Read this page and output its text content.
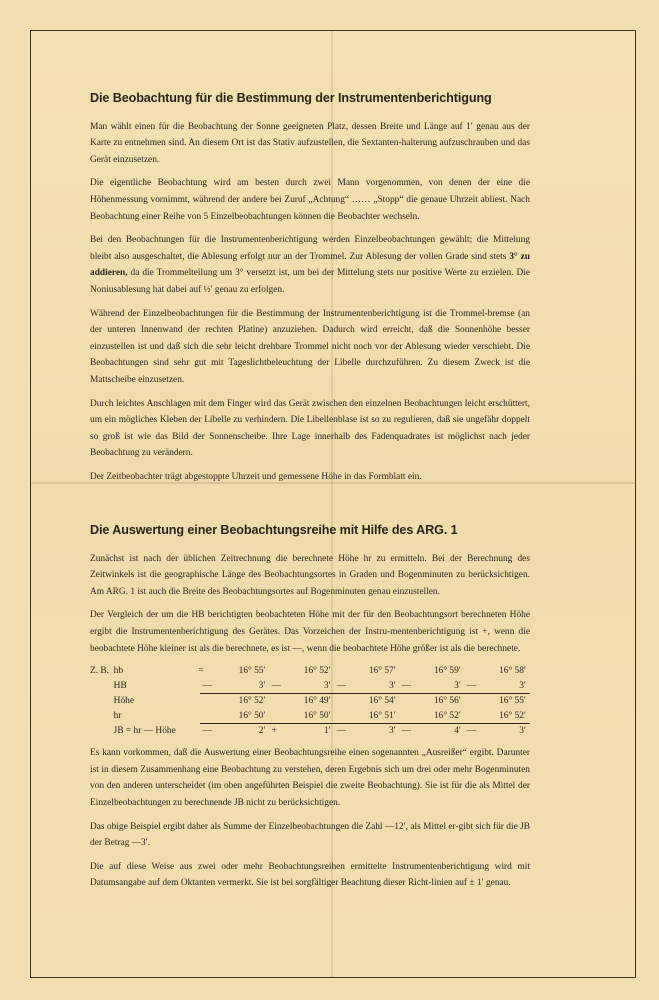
Die Beobachtung für die Bestimmung der Instrumentenberichtigung

Man wählt einen für die Beobachtung der Sonne geeigneten Platz, dessen Breite und Länge auf 1′ genau aus der Karte zu entnehmen sind. An diesem Ort ist das Stativ aufzustellen, die Sextanten-halterung aufzuschrauben und das Gerät einzusetzen.

Die eigentliche Beobachtung wird am besten durch zwei Mann vorgenommen, von denen der eine die Höhenmessung vornimmt, während der andere bei Zuruf „Achtung“ …… „Stopp“ die genaue Uhrzeit abliest. Nach Beobachtung einer Reihe von 5 Einzelbeobachtungen können die Beobachter wechseln.

Bei den Beobachtungen für die Instrumentenberichtigung werden Einzelbeobachtungen gewählt; die Mittelung bleibt also ausgeschaltet, die Ablesung erfolgt nur an der Trommel. Zur Ablesung der vollen Grade sind stets 3° zu addieren, da die Trommelteilung um 3° versetzt ist, um bei der Mittelung stets nur positive Werte zu erzielen. Die Noniusablesung hat dabei auf ½′ genau zu erfolgen.

Während der Einzelbeobachtungen für die Bestimmung der Instrumentenberichtigung ist die Trommel-bremse (an der unteren Innenwand der rechten Platine) anzuziehen. Dadurch wird erreicht, daß die Sonnenhöhe besser einzustellen ist und daß sich die sehr leicht drehbare Trommel nicht noch vor der Ablesung wieder verschiebt. Die Beobachtungen sind sehr gut mit Tageslichtbeleuchtung der Libelle durchzuführen. Zu diesem Zweck ist die Mattscheibe einzusetzen.

Durch leichtes Anschlagen mit dem Finger wird das Gerät zwischen den einzelnen Beobachtungen leicht erschüttert, um ein mögliches Kleben der Libelle zu verhindern. Die Libellenblase ist so zu regulieren, daß sie ungefähr doppelt so groß ist wie das Bild der Sonnenscheibe. Ihre Lage innerhalb des Fadenquadrates ist möglichst nach jeder Beobachtung zu verändern.

Der Zeitbeobachter trägt abgestoppte Uhrzeit und gemessene Höhe in das Formblatt ein.

Die Auswertung einer Beobachtungsreihe mit Hilfe des ARG. 1

Zunächst ist nach der üblichen Zeitrechnung die berechnete Höhe hr zu ermitteln. Bei der Berechnung des Zeitwinkels ist die geographische Länge des Beobachtungsortes in Graden und Bogenminuten zu berücksichtigen. Am ARG. 1 ist auch die Breite des Beobachtungsortes auf Bogenminuten genau einzustellen.

Der Vergleich der um die HB berichtigten beobachteten Höhe mit der für den Beobachtungsort berechneten Höhe ergibt die Instrumentenberichtigung des Gerätes. Das Vorzeichen der Instru-mentenberichtigung ist +, wenn die beobachtete Höhe kleiner ist als die berechnete, es ist —, wenn die beobachtete Höhe größer ist als die berechnete.

Z. B. hb	=	16° 55′	16° 52′	16° 57′	16° 59′	16° 58′
HB	—	3′ —	3′ —	3′ —	3′ —	3′
Höhe	16° 52′	16° 49′	16° 54′	16° 56′	16° 55′
hr	16° 50′	16° 50′	16° 51′	16° 52′	16° 52′
JB = hr — Höhe	—	2′ +	1′ —	3′ —	4′ —	3′

Es kann vorkommen, daß die Auswertung einer Beobachtungsreihe einen sogenannten „Ausreißer“ ergibt. Darunter ist in diesem Zusammenhang eine Beobachtung zu verstehen, deren Ergebnis sich um drei oder mehr Bogenminuten von den anderen unterscheidet (im oben angeführten Beispiel die zweite Beobachtung). Sie ist für die als Mittel der Einzelbeobachtungen zu berechnende JB nicht zu berücksichtigen.

Das obige Beispiel ergibt daher als Summe der Einzelbeobachtungen die Zahl —12′, als Mittel er-gibt sich für die JB der Betrag —3′.

Die auf diese Weise aus zwei oder mehr Beobachtungsreihen ermittelte Instrumentenberichtigung wird mit Datumsangabe auf dem Oktanten vermerkt. Sie ist bei sorgfältiger Beachtung dieser Richt-linien auf ± 1′ genau.
